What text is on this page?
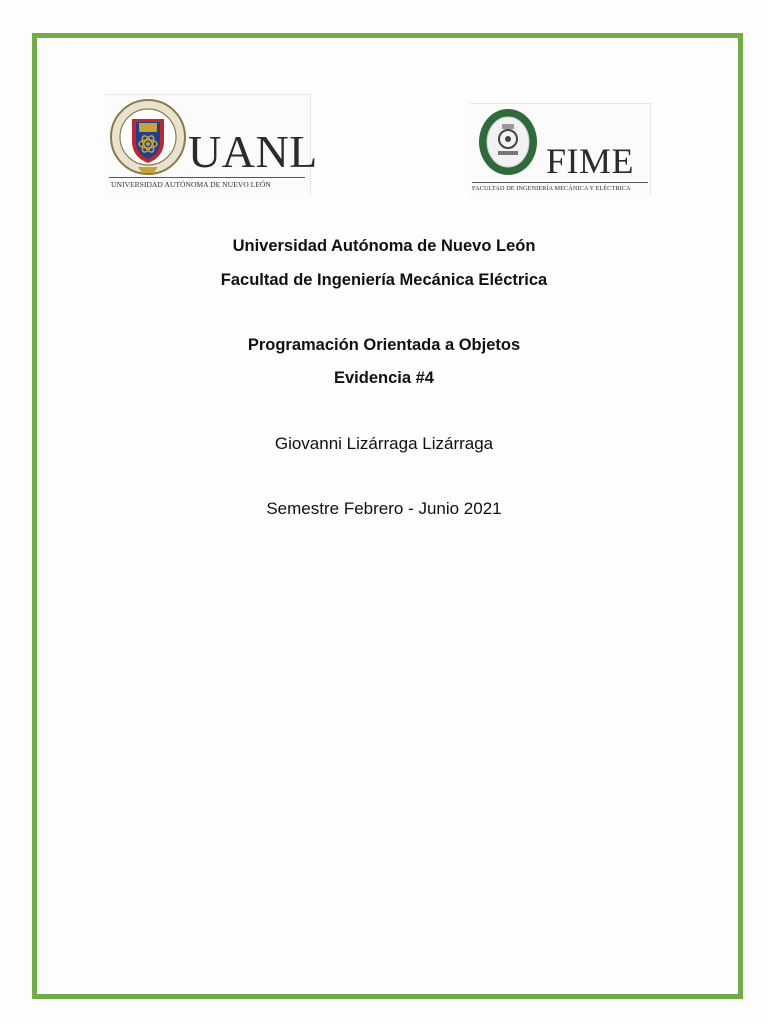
UANL
UNIVERSIDAD AUTÓNOMA DE NUEVO LEÓN
FIME
FACULTAD DE INGENIERÍA MECÁNICA Y ELÉCTRICA
Universidad Autónoma de Nuevo León
Facultad de Ingeniería Mecánica Eléctrica
Programación Orientada a Objetos
Evidencia #4
Giovanni Lizárraga Lizárraga
Semestre Febrero - Junio 2021
